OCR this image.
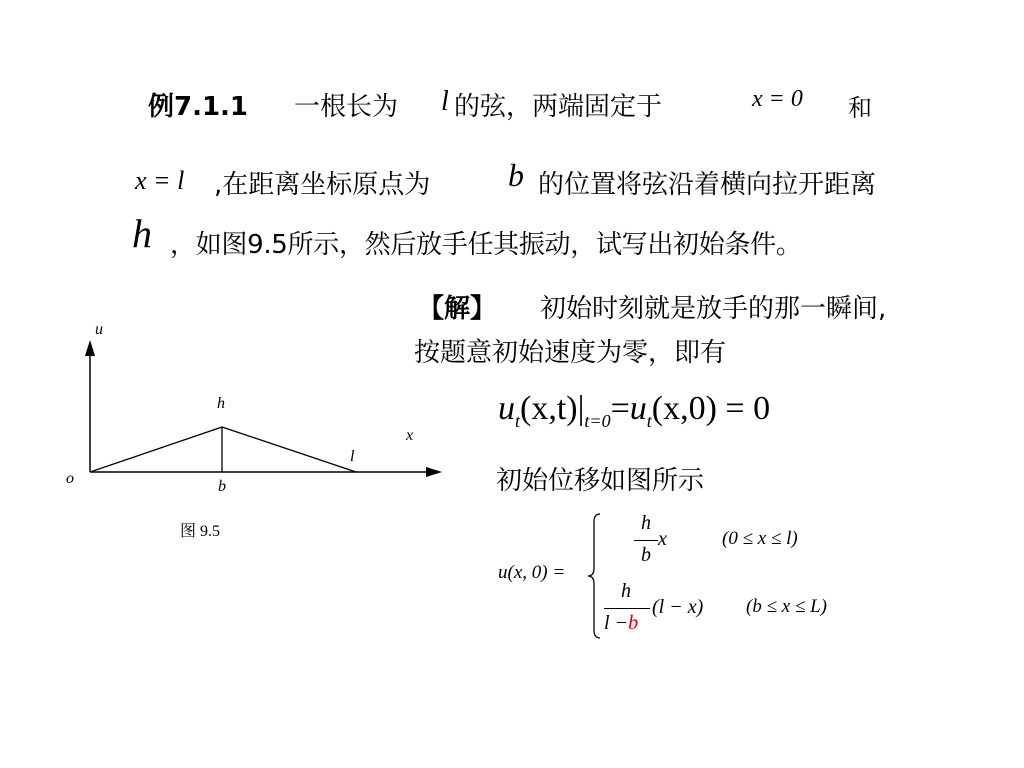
例7.1.1 一根长为 l 的弦，两端固定于	x = 0 和
x = l ,在距离坐标原点为 b 的位置将弦沿着横向拉开距离
h ，如图9.5所示，然后放手任其振动，试写出初始条件。
【解】 初始时刻就是放手的那一瞬间,
按题意初始速度为零，即有
$u_t(x,t)|_{t=0}=u_t(x,0) = 0$
初始位移如图所示
u(x, 0) =
h
b
x	(0 ≤ x ≤ l)
h
l −b
(l − x) (b ≤ x ≤ L)
u
x
o
h
b
l
图 9.5
